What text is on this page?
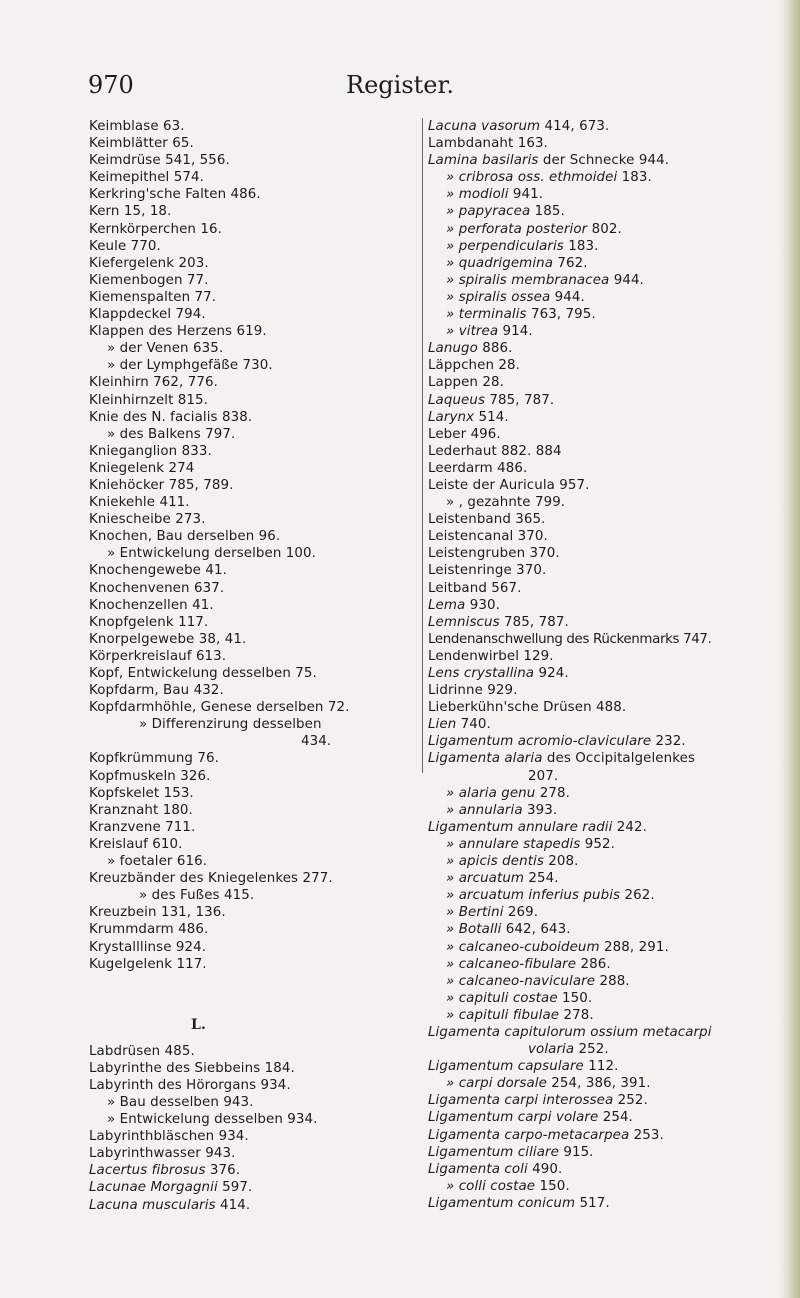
970	Register.
Keimblase 63.
Keimblätter 65.
Keimdrüse 541, 556.
Keimepithel 574.
Kerkring'sche Falten 486.
Kern 15, 18.
Kernkörperchen 16.
Keule 770.
Kiefergelenk 203.
Kiemenbogen 77.
Kiemenspalten 77.
Klappdeckel 794.
Klappen des Herzens 619.
» der Venen 635.
» der Lymphgefäße 730.
Kleinhirn 762, 776.
Kleinhirnzelt 815.
Knie des N. facialis 838.
» des Balkens 797.
Knieganglion 833.
Kniegelenk 274
Kniehöcker 785, 789.
Kniekehle 411.
Kniescheibe 273.
Knochen, Bau derselben 96.
» Entwickelung derselben 100.
Knochengewebe 41.
Knochenvenen 637.
Knochenzellen 41.
Knopfgelenk 117.
Knorpelgewebe 38, 41.
Körperkreislauf 613.
Kopf, Entwickelung desselben 75.
Kopfdarm, Bau 432.
Kopfdarmhöhle, Genese derselben 72.
» Differenzirung desselben
434.
Kopfkrümmung 76.
Kopfmuskeln 326.
Kopfskelet 153.
Kranznaht 180.
Kranzvene 711.
Kreislauf 610.
» foetaler 616.
Kreuzbänder des Kniegelenkes 277.
» des Fußes 415.
Kreuzbein 131, 136.
Krummdarm 486.
Krystalllinse 924.
Kugelgelenk 117.
L.
Labdrüsen 485.
Labyrinthe des Siebbeins 184.
Labyrinth des Hörorgans 934.
» Bau desselben 943.
» Entwickelung desselben 934.
Labyrinthbläschen 934.
Labyrinthwasser 943.
Lacertus fibrosus 376.
Lacunae Morgagnii 597.
Lacuna muscularis 414.
Lacuna vasorum 414, 673.
Lambdanaht 163.
Lamina basilaris der Schnecke 944.
» cribrosa oss. ethmoidei 183.
» modioli 941.
» papyracea 185.
» perforata posterior 802.
» perpendicularis 183.
» quadrigemina 762.
» spiralis membranacea 944.
» spiralis ossea 944.
» terminalis 763, 795.
» vitrea 914.
Lanugo 886.
Läppchen 28.
Lappen 28.
Laqueus 785, 787.
Larynx 514.
Leber 496.
Lederhaut 882. 884
Leerdarm 486.
Leiste der Auricula 957.
» , gezahnte 799.
Leistenband 365.
Leistencanal 370.
Leistengruben 370.
Leistenringe 370.
Leitband 567.
Lema 930.
Lemniscus 785, 787.
Lendenanschwellung des Rückenmarks 747.
Lendenwirbel 129.
Lens crystallina 924.
Lidrinne 929.
Lieberkühn'sche Drüsen 488.
Lien 740.
Ligamentum acromio-claviculare 232.
Ligamenta alaria des Occipitalgelenkes
207.
» alaria genu 278.
» annularia 393.
Ligamentum annulare radii 242.
» annulare stapedis 952.
» apicis dentis 208.
» arcuatum 254.
» arcuatum inferius pubis 262.
» Bertini 269.
» Botalli 642, 643.
» calcaneo-cuboideum 288, 291.
» calcaneo-fibulare 286.
» calcaneo-naviculare 288.
» capituli costae 150.
» capituli fibulae 278.
Ligamenta capitulorum ossium metacarpi
volaria 252.
Ligamentum capsulare 112.
» carpi dorsale 254, 386, 391.
Ligamenta carpi interossea 252.
Ligamentum carpi volare 254.
Ligamenta carpo-metacarpea 253.
Ligamentum ciliare 915.
Ligamenta coli 490.
» colli costae 150.
Ligamentum conicum 517.
